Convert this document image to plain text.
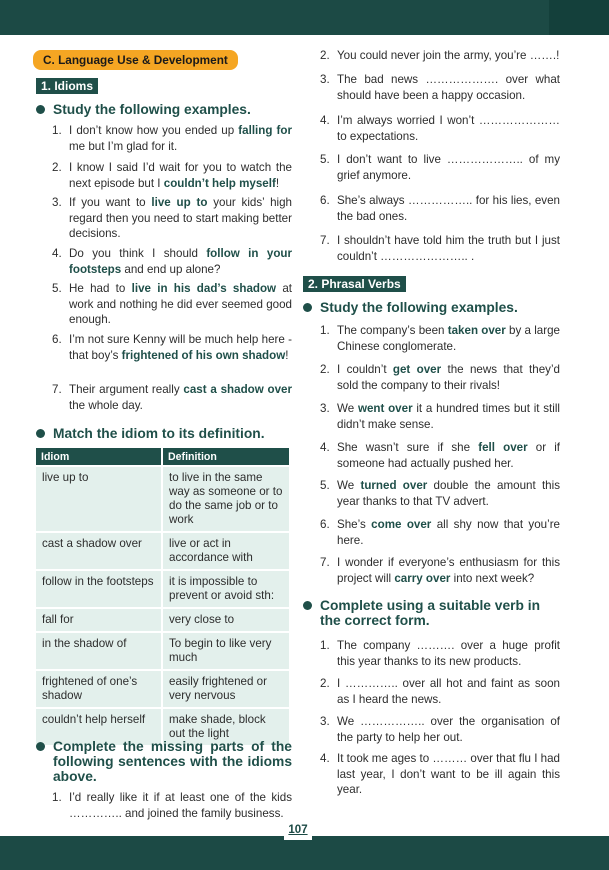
C. Language Use & Development
1. Idioms
Study the following examples.
1. I don’t know how you ended up falling for me but I’m glad for it.
2. I know I said I’d wait for you to watch the next episode but I couldn’t help myself!
3. If you want to live up to your kids’ high regard then you need to start making better decisions.
4. Do you think I should follow in your footsteps and end up alone?
5. He had to live in his dad’s shadow at work and nothing he did ever seemed good enough.
6. I’m not sure Kenny will be much help here - that boy’s frightened of his own shadow!
7. Their argument really cast a shadow over the whole day.
Match the idiom to its definition.
Idiom	Definition
live up to	to live in the same way as someone or to do the same job or to work
cast a shadow over	live or act in accordance with
follow in the footsteps	it is impossible to prevent or avoid sth:
fall for	very close to
in the shadow of	To begin to like very much
frightened of one’s shadow	easily frightened or very nervous
couldn’t help herself	make shade, block out the light
Complete the missing parts of the following sentences with the idioms above.
1. I’d really like it if at least one of the kids ………….. and joined the family business.
2. You could never join the army, you’re …….!
3. The bad news ………………. over what should have been a happy occasion.
4. I’m always worried I won’t ………………… to expectations.
5. I don’t want to live ……………….. of my grief anymore.
6. She’s always …………….. for his lies, even the bad ones.
7. I shouldn’t have told him the truth but I just couldn’t ………………….. .
2. Phrasal Verbs
Study the following examples.
1. The company’s been taken over by a large Chinese conglomerate.
2. I couldn’t get over the news that they’d sold the company to their rivals!
3. We went over it a hundred times but it still didn’t make sense.
4. She wasn’t sure if she fell over or if someone had actually pushed her.
5. We turned over double the amount this year thanks to that TV advert.
6. She’s come over all shy now that you’re here.
7. I wonder if everyone’s enthusiasm for this project will carry over into next week?
Complete using a suitable verb in the correct form.
1. The company ………. over a huge profit this year thanks to its new products.
2. I ………….. over all hot and faint as soon as I heard the news.
3. We …………….. over the organisation of the party to help her out.
4. It took me ages to ……… over that flu I had last year, I don’t want to be ill again this year.
107
